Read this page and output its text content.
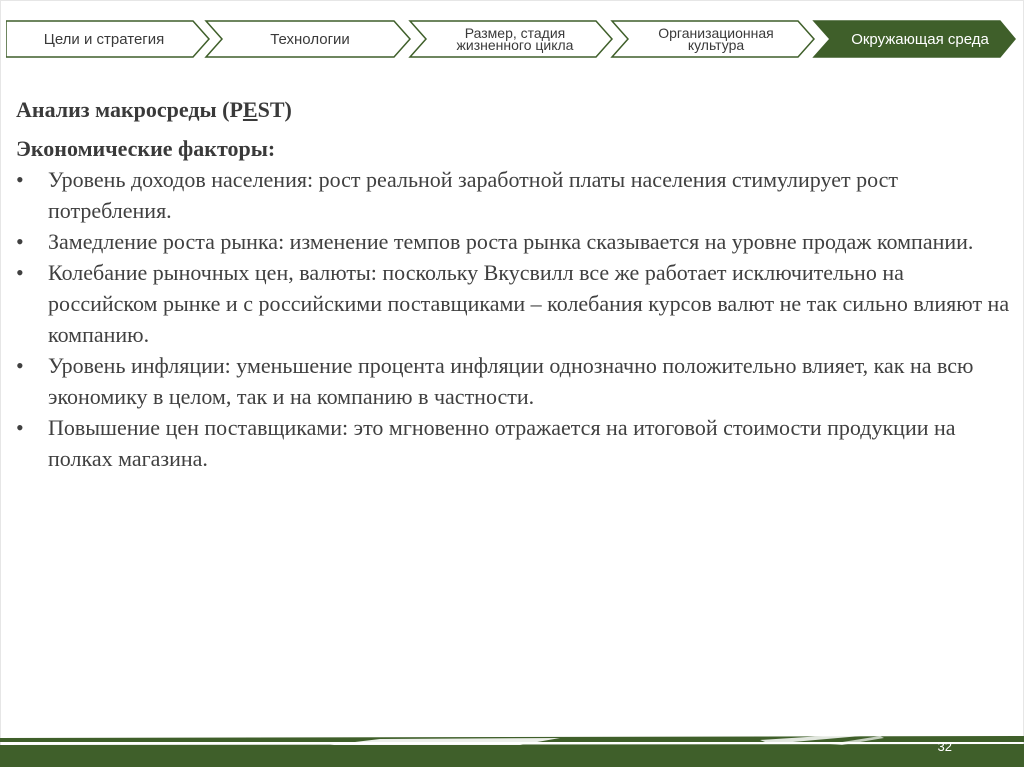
Цели и стратегия	Технологии	Размер, стадия жизненного цикла
Организационная культура	Окружающая среда
Анализ макросреды (PEST)
Экономические факторы:
• Уровень доходов населения: рост реальной заработной платы населения стимулирует рост потребления.
• Замедление роста рынка: изменение темпов роста рынка сказывается на уровне продаж компании.
• Колебание рыночных цен, валюты: поскольку Вкусвилл все же работает исключительно на российском рынке и с российскими поставщиками – колебания курсов валют не так сильно влияют на компанию.
• Уровень инфляции: уменьшение процента инфляции однозначно положительно влияет, как на всю экономику в целом, так и на компанию в частности.
• Повышение цен поставщиками: это мгновенно отражается на итоговой стоимости продукции на полках магазина.
32
